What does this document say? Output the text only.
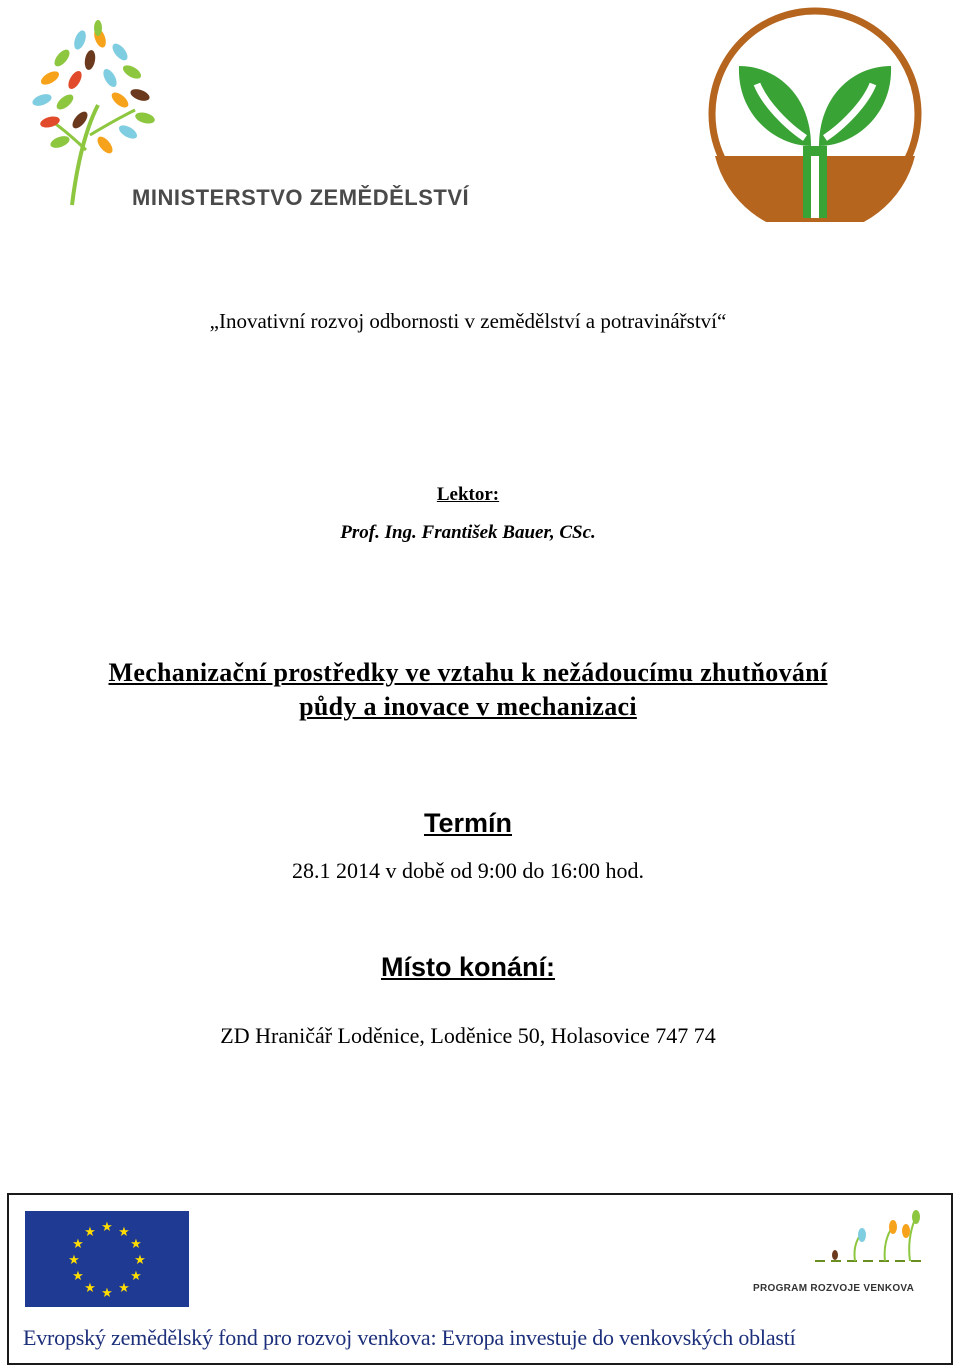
MINISTERSTVO ZEMĚDĚLSTVÍ
„Inovativní rozvoj odbornosti v zemědělství a potravinářství“
Lektor:
Prof. Ing. František Bauer, CSc.
Mechanizační prostředky ve vztahu k nežádoucímu zhutňování
půdy a inovace v mechanizaci
Termín
28.1 2014 v době od 9:00 do 16:00 hod.
Místo konání:
ZD Hraničář Loděnice, Loděnice 50, Holasovice 747 74
★ ★
★
★
★
★
★
★
★
★
★
★
PROGRAM ROZVOJE VENKOVA
Evropský zemědělský fond pro rozvoj venkova: Evropa investuje do venkovských oblastí
